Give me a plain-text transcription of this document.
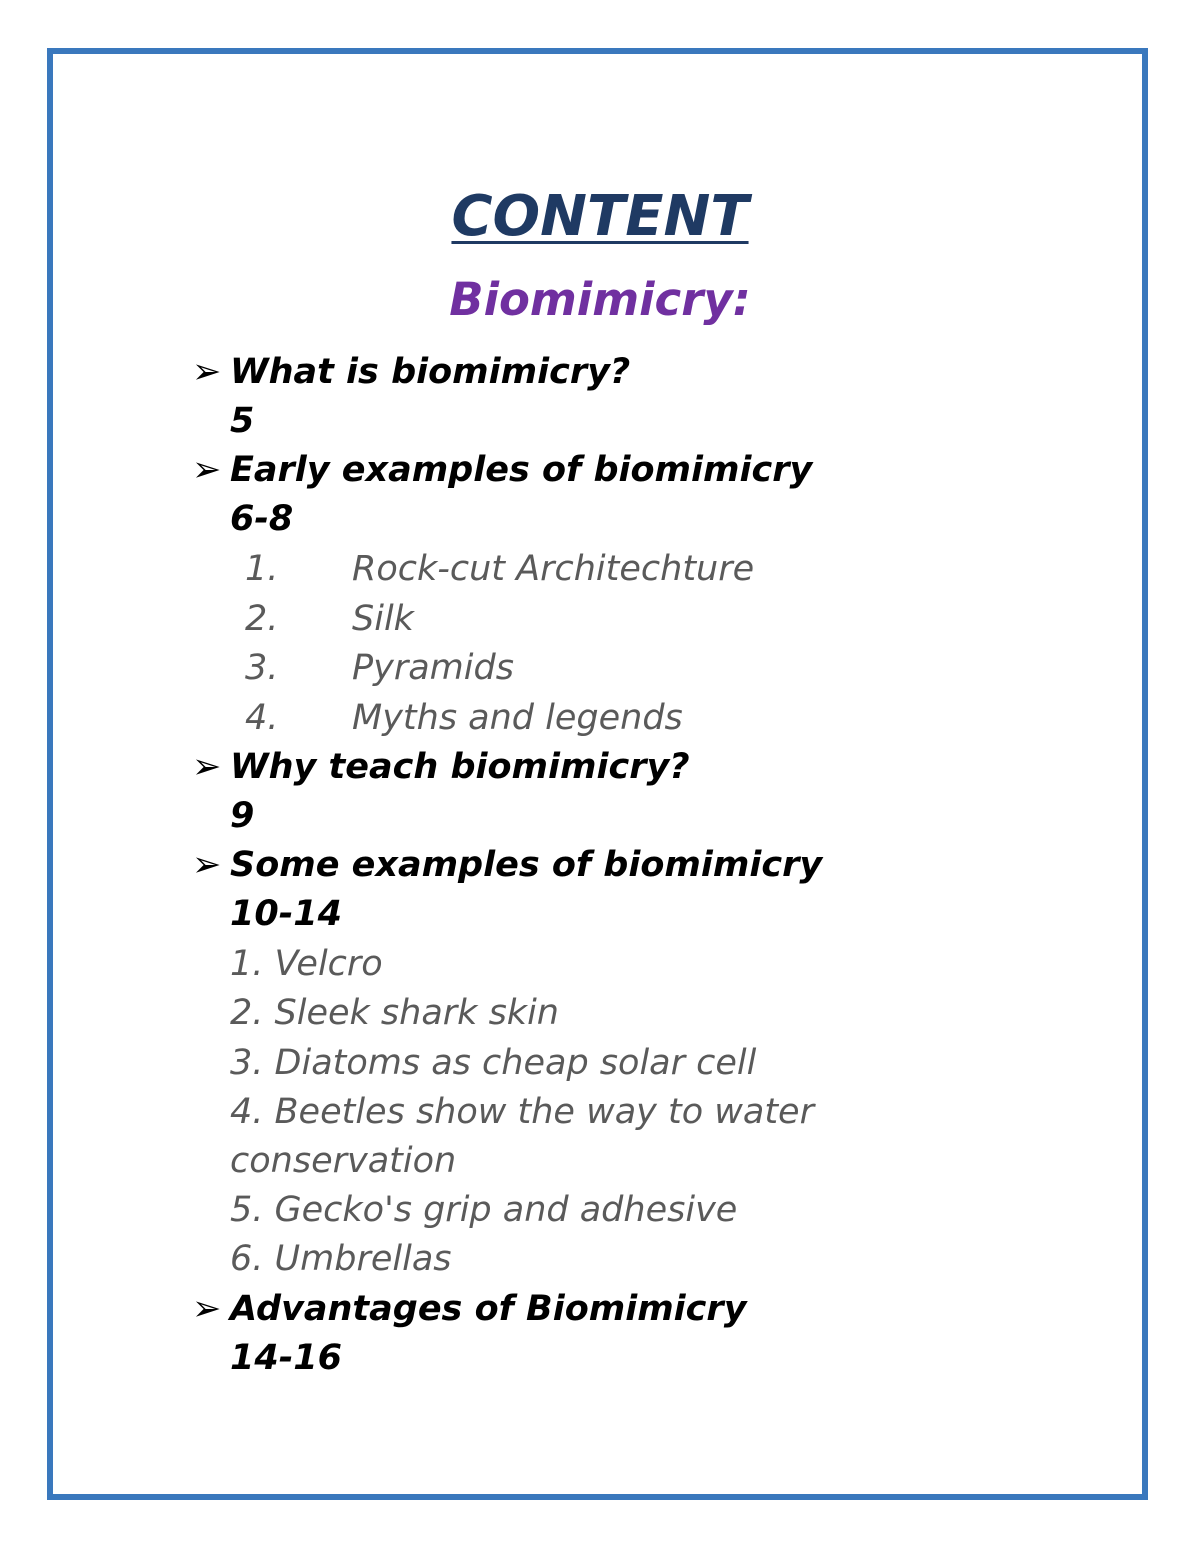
CONTENT
Biomimicry:
➢ What is biomimicry?
5
➢ Early examples of biomimicry
6-8
1. Rock-cut Architechture
2. Silk
3. Pyramids
4. Myths and legends
➢ Why teach biomimicry?
9
➢ Some examples of biomimicry
10-14
1. Velcro
2. Sleek shark skin
3. Diatoms as cheap solar cell
4. Beetles show the way to water
conservation
5. Gecko's grip and adhesive
6. Umbrellas
➢ Advantages of Biomimicry
14-16
